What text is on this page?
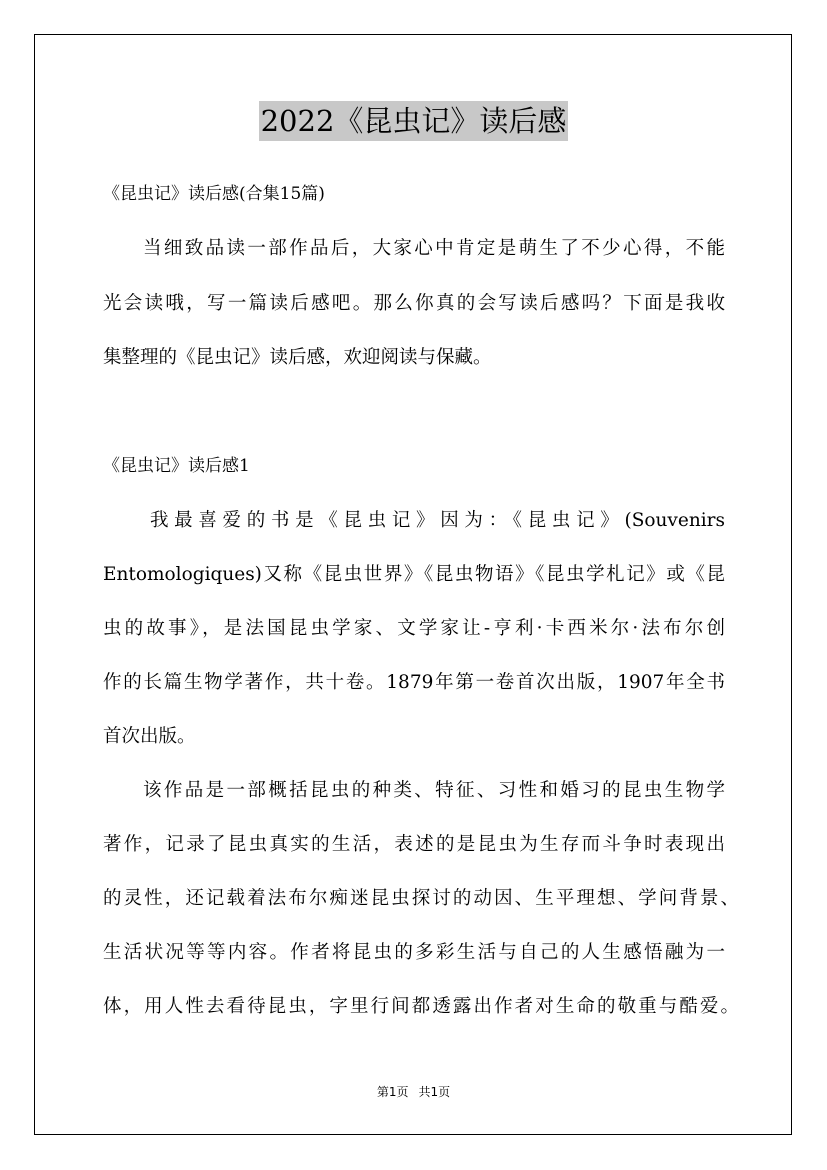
2022《昆虫记》读后感
《昆虫记》读后感(合集15篇)
当细致品读一部作品后，大家心中肯定是萌生了不少心得，不能
光会读哦，写一篇读后感吧。那么你真的会写读后感吗？下面是我收
集整理的《昆虫记》读后感，欢迎阅读与保藏。
《昆虫记》读后感1
我最喜爱的书是《昆虫记》因为：《昆虫记》(Souvenirs
Entomologiques)又称《昆虫世界》《昆虫物语》《昆虫学札记》或《昆
虫的故事》，是法国昆虫学家、文学家让-亨利·卡西米尔·法布尔创
作的长篇生物学著作，共十卷。1879年第一卷首次出版，1907年全书
首次出版。
该作品是一部概括昆虫的种类、特征、习性和婚习的昆虫生物学
著作，记录了昆虫真实的生活，表述的是昆虫为生存而斗争时表现出
的灵性，还记载着法布尔痴迷昆虫探讨的动因、生平理想、学问背景、
生活状况等等内容。作者将昆虫的多彩生活与自己的人生感悟融为一
体，用人性去看待昆虫，字里行间都透露出作者对生命的敬重与酷爱。
第1页 共1页
